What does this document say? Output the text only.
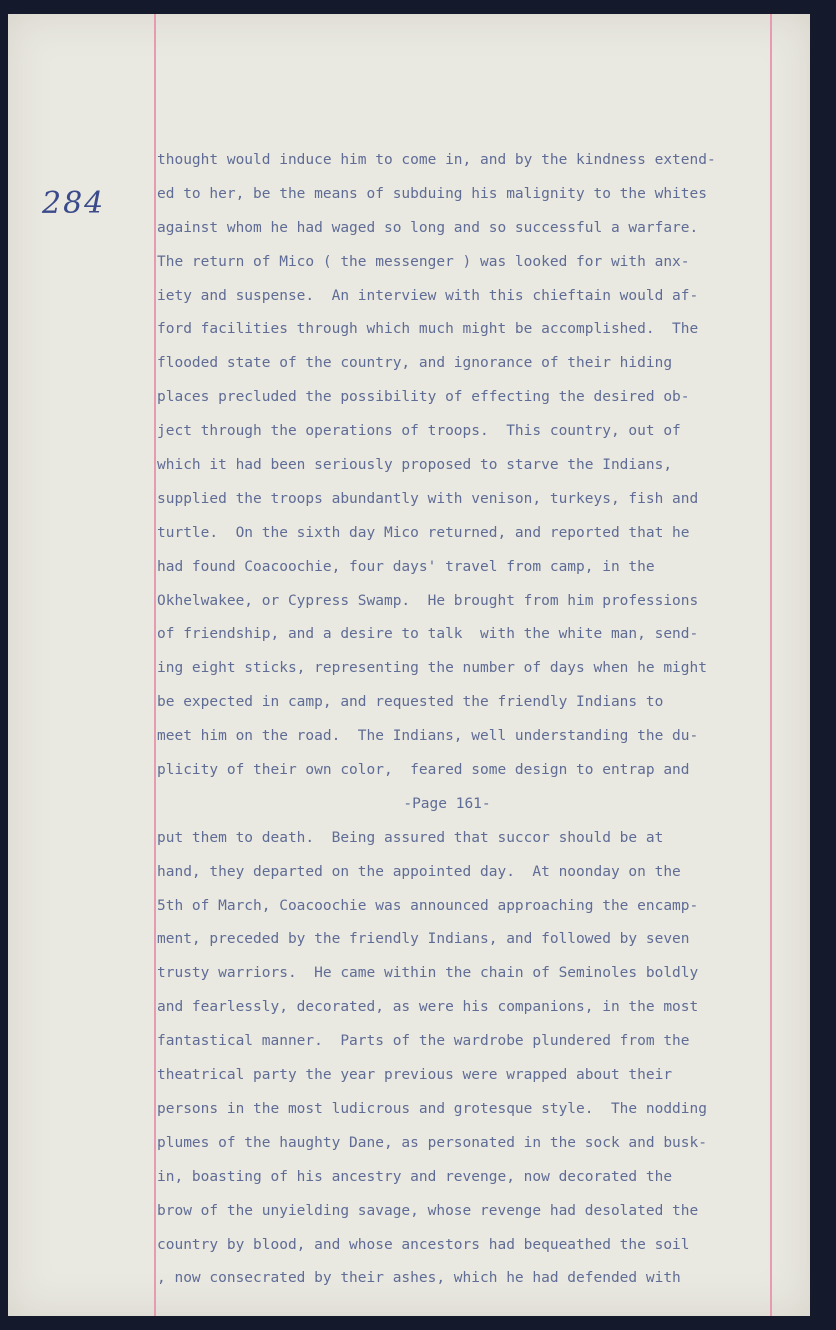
284
thought would induce him to come in, and by the kindness extend-
ed to her, be the means of subduing his malignity to the whites
against whom he had waged so long and so successful a warfare.
The return of Mico ( the messenger ) was looked for with anx-
iety and suspense.  An interview with this chieftain would af-
ford facilities through which much might be accomplished.  The
flooded state of the country, and ignorance of their hiding
places precluded the possibility of effecting the desired ob-
ject through the operations of troops.  This country, out of
which it had been seriously proposed to starve the Indians,
supplied the troops abundantly with venison, turkeys, fish and
turtle.  On the sixth day Mico returned, and reported that he
had found Coacoochie, four days' travel from camp, in the
Okhelwakee, or Cypress Swamp.  He brought from him professions
of friendship, and a desire to talk  with the white man, send-
ing eight sticks, representing the number of days when he might
be expected in camp, and requested the friendly Indians to
meet him on the road.  The Indians, well understanding the du-
plicity of their own color,  feared some design to entrap and
-Page 161-
put them to death.  Being assured that succor should be at
hand, they departed on the appointed day.  At noonday on the
5th of March, Coacoochie was announced approaching the encamp-
ment, preceded by the friendly Indians, and followed by seven
trusty warriors.  He came within the chain of Seminoles boldly
and fearlessly, decorated, as were his companions, in the most
fantastical manner.  Parts of the wardrobe plundered from the
theatrical party the year previous were wrapped about their
persons in the most ludicrous and grotesque style.  The nodding
plumes of the haughty Dane, as personated in the sock and busk-
in, boasting of his ancestry and revenge, now decorated the
brow of the unyielding savage, whose revenge had desolated the
country by blood, and whose ancestors had bequeathed the soil
, now consecrated by their ashes, which he had defended with
